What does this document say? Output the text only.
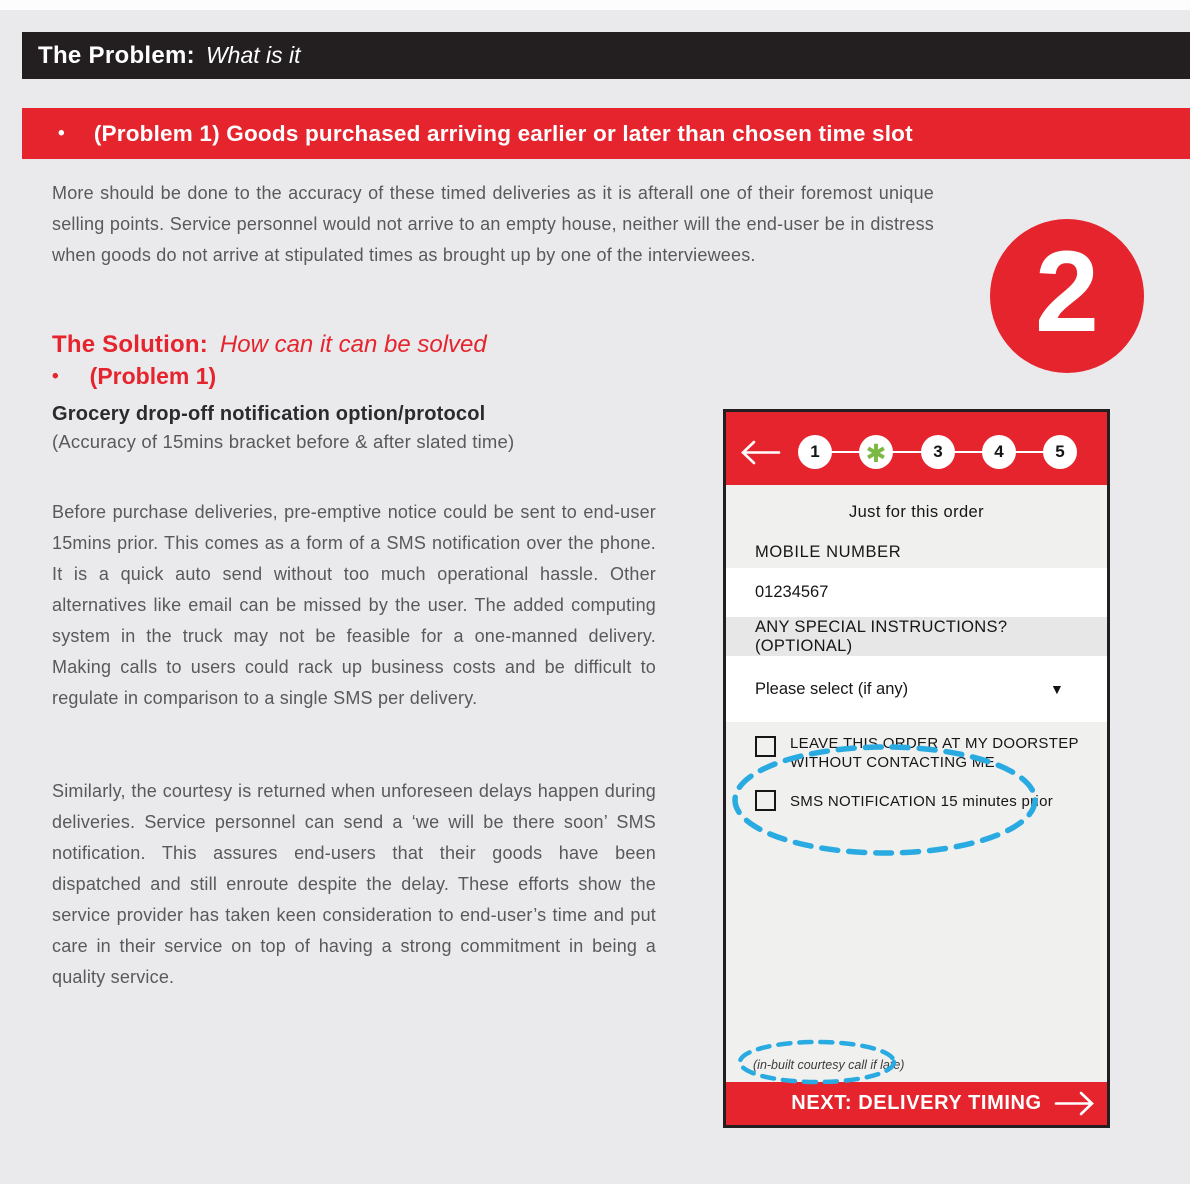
The Problem: What is it
• (Problem 1) Goods purchased arriving earlier or later than chosen time slot
More should be done to the accuracy of these timed deliveries as it is afterall one of their foremost unique selling points. Service personnel would not arrive to an empty house, neither will the end-user be in distress when goods do not arrive at stipulated times as brought up by one of the interviewees.	2
The Solution: How can it can be solved
• (Problem 1)
Grocery drop-off notification option/protocol
(Accuracy of 15mins bracket before & after slated time)
Before purchase deliveries, pre-emptive notice could be sent to end-user 15mins prior. This comes as a form of a SMS notification over the phone. It is a quick auto send without too much operational hassle. Other alternatives like email can be missed by the user. The added computing system in the truck may not be feasible for a one-manned delivery. Making calls to users could rack up business costs and be difficult to regulate in comparison to a single SMS per delivery.
Similarly, the courtesy is returned when unforeseen delays happen during deliveries. Service personnel can send a ‘we will be there soon’ SMS notification. This assures end-users that their goods have been dispatched and still enroute despite the delay. These efforts show the service provider has taken keen consideration to end-user’s time and put care in their service on top of having a strong commitment in being a quality service.
1	✱	3	4	5
Just for this order
MOBILE NUMBER
01234567
ANY SPECIAL INSTRUCTIONS? (OPTIONAL)
Please select (if any)	▼
LEAVE THIS ORDER AT MY DOORSTEP
WITHOUT CONTACTING ME.
SMS NOTIFICATION 15 minutes prior
(in-built courtesy call if late)
NEXT: DELIVERY TIMING
